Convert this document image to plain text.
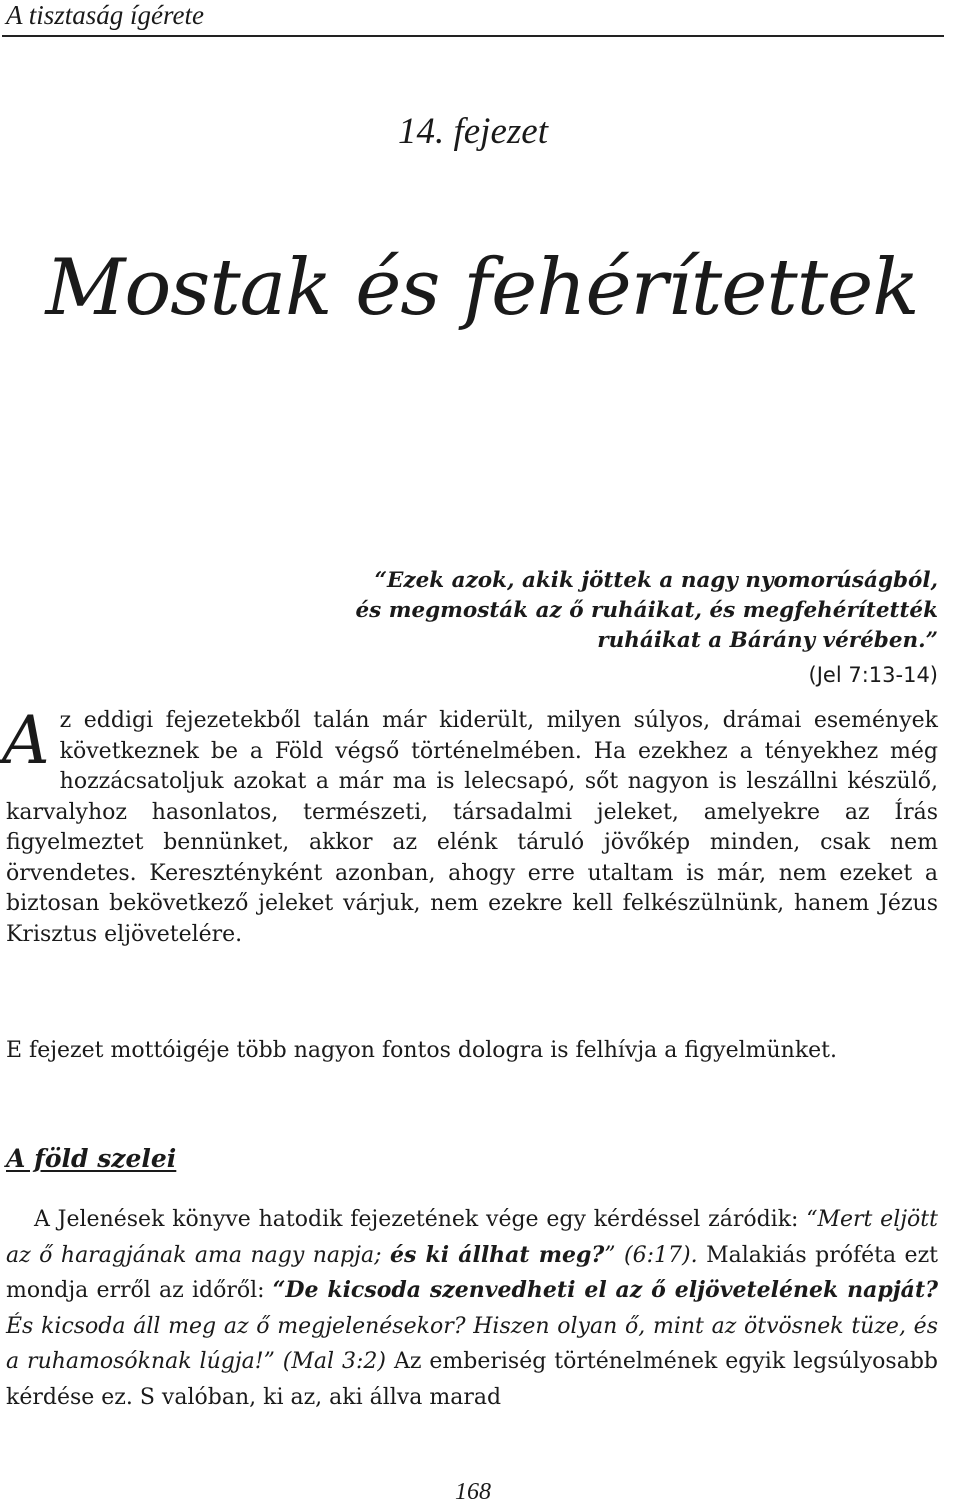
A tisztaság ígérete
14. fejezet
Mostak és fehérítettek
“Ezek azok, akik jöttek a nagy nyomorúságból,
és megmosták az ő ruháikat, és megfehérítették
ruháikat a Bárány vérében.”
(Jel 7:13-14)
A z eddigi fejezetekből talán már kiderült, milyen súlyos, drámai események következnek be a Föld végső történelmében. Ha ezekhez a tényekhez még hozzácsatoljuk azokat a már ma is lelecsapó, sőt nagyon is leszállni készülő, karvalyhoz hasonlatos, természeti, társadalmi jeleket, amelyekre az Írás figyelmeztet bennünket, akkor az elénk táruló jövőkép minden, csak nem örvendetes. Keresztényként azonban, ahogy erre utaltam is már, nem ezeket a biztosan bekövetkező jeleket várjuk, nem ezekre kell felkészülnünk, hanem Jézus Krisztus eljövetelére.
E fejezet mottóigéje több nagyon fontos dologra is felhívja a figyelmünket.
A föld szelei
A Jelenések könyve hatodik fejezetének vége egy kérdéssel záródik: “Mert eljött az ő haragjának ama nagy napja; és ki állhat meg?” (6:17). Malakiás próféta ezt mondja erről az időről: “De kicsoda szenvedheti el az ő eljövetelének napját? És kicsoda áll meg az ő megjelenésekor? Hiszen olyan ő, mint az ötvösnek tüze, és a ruhamosóknak lúgja!” (Mal 3:2) Az emberiség történelmének egyik legsúlyosabb kérdése ez. S valóban, ki az, aki állva marad
168
